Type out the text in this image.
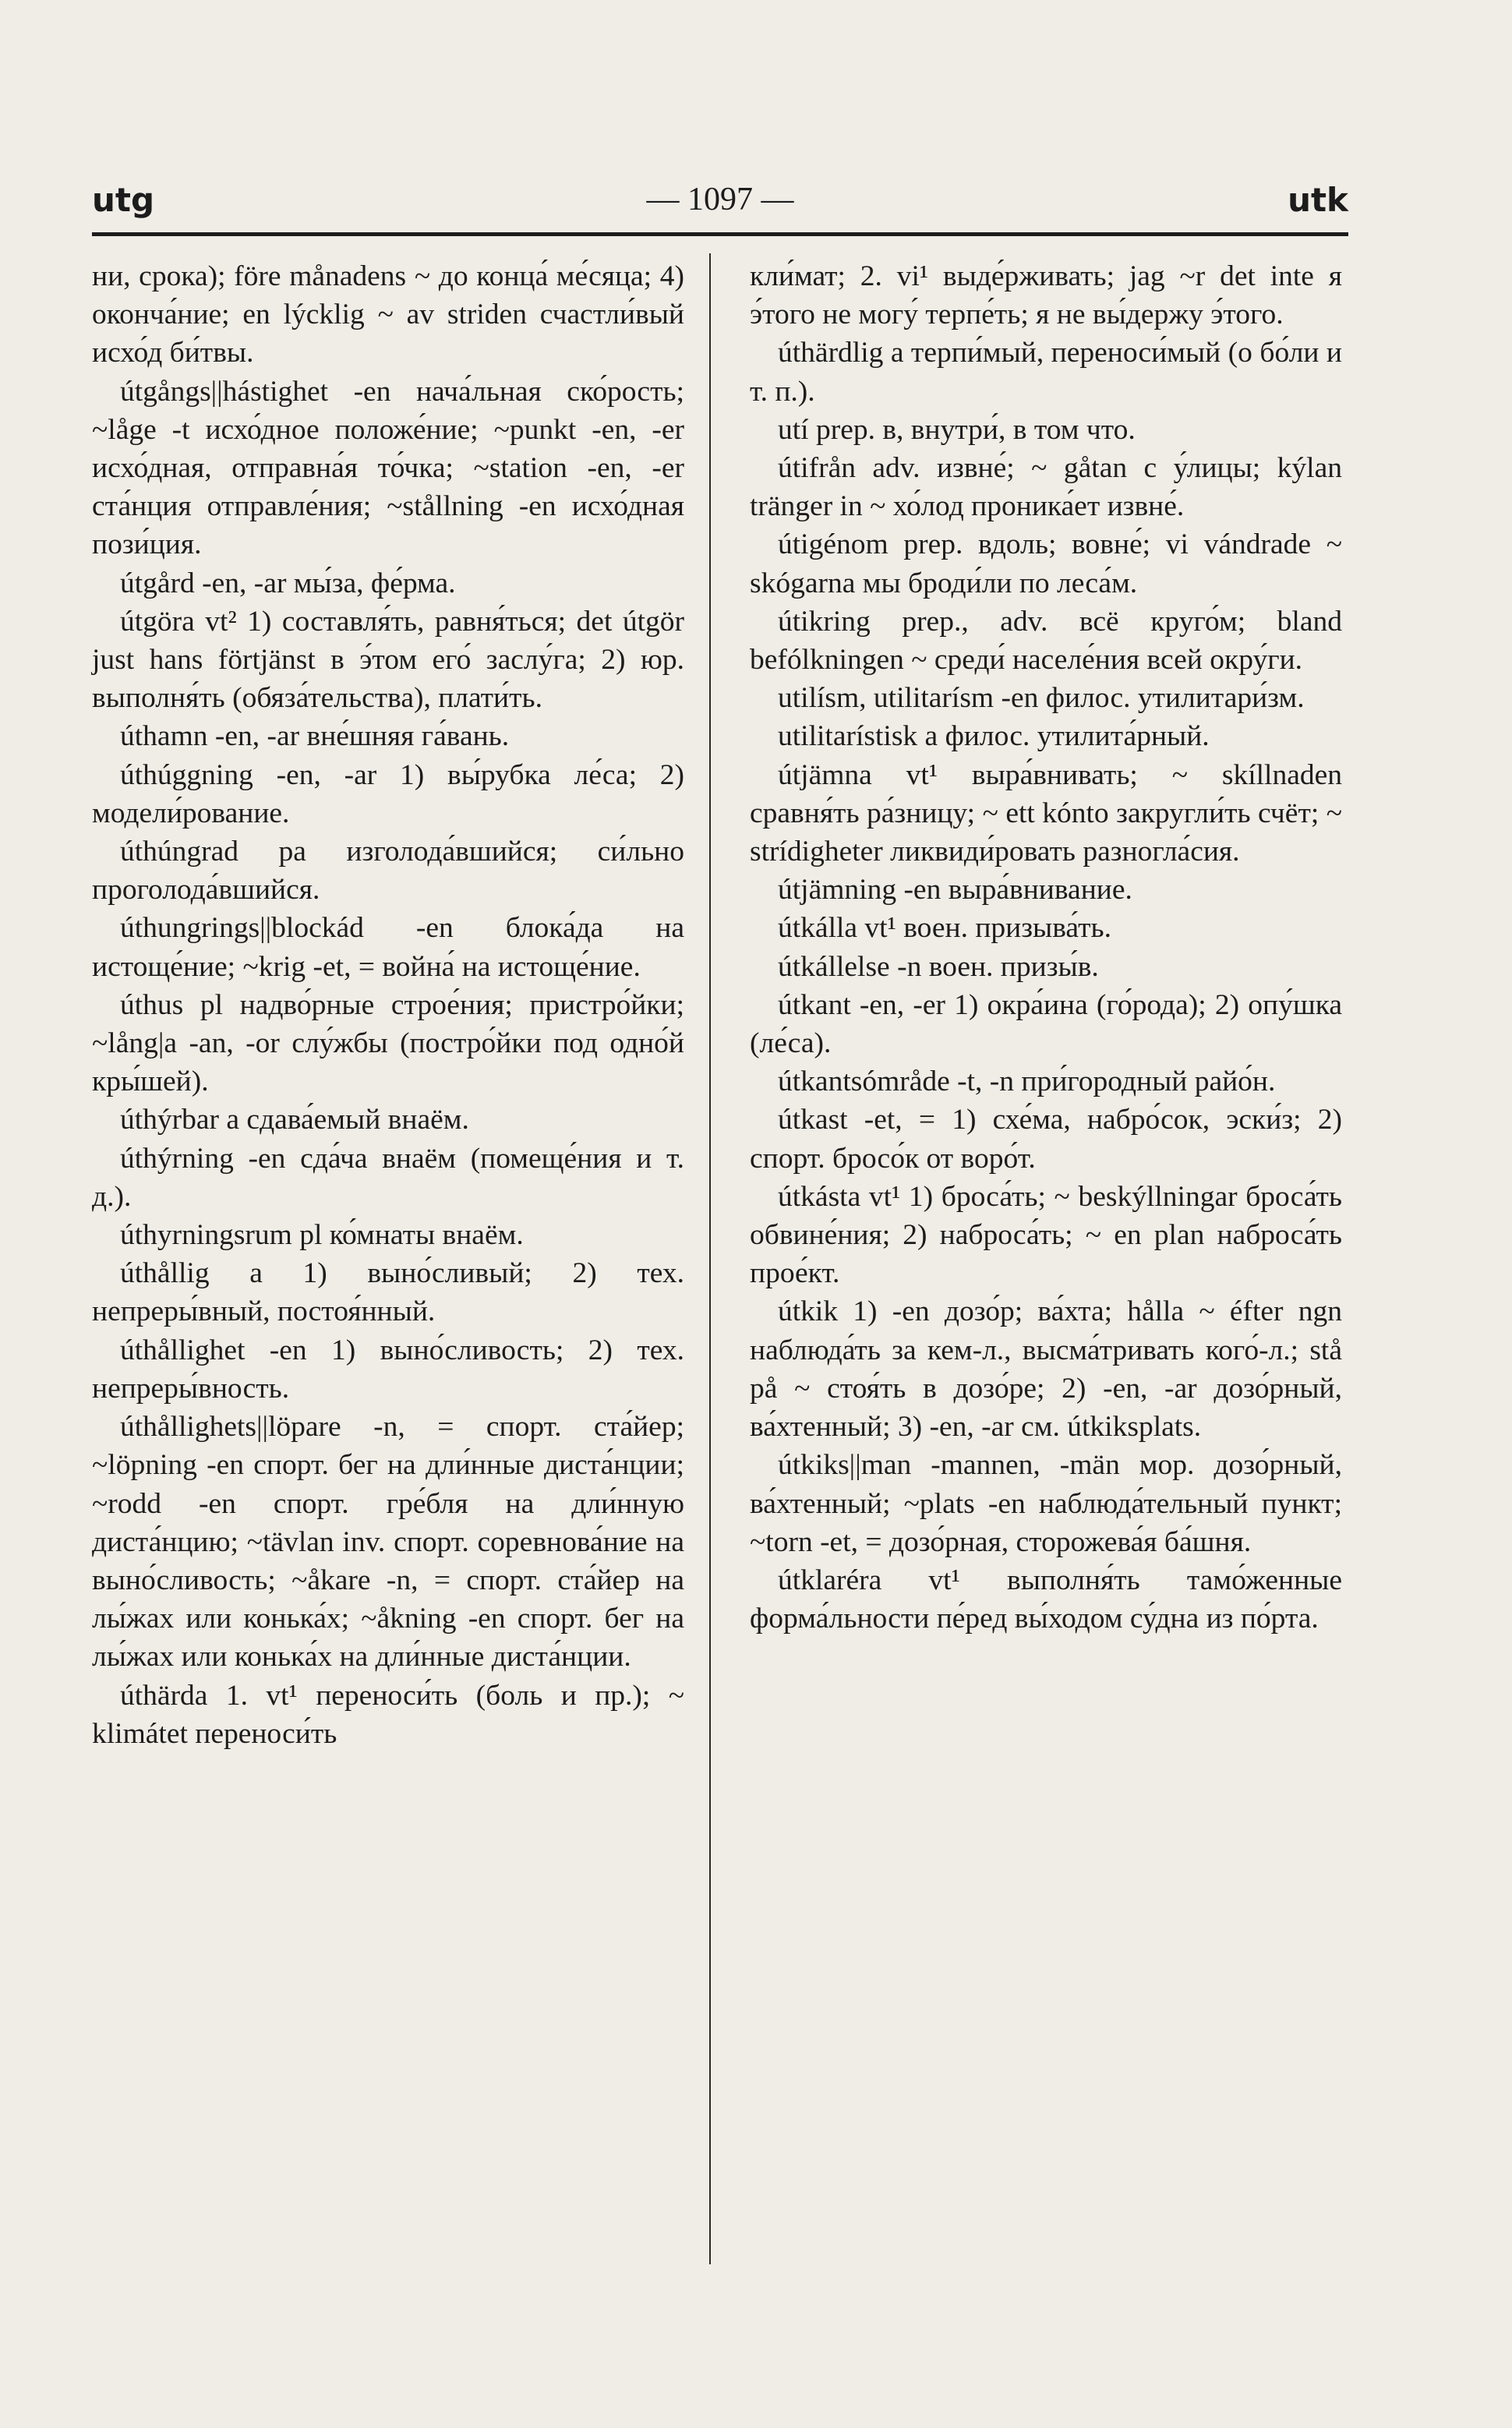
utg	— 1097 —	utk

ни, срока); före månadens ~ до конца́ ме́сяца; 4) оконча́ние; en lýcklig ~ av striden счастли́вый исхо́д би́твы.

útgångs||hástighet -en нача́льная ско́рость; ~låge -t исхо́дное положе́ние; ~punkt -en, -er исхо́дная, отправна́я то́чка; ~station -en, -er ста́нция отправле́ния; ~stållning -en исхо́дная пози́ция.

útgård -en, -ar мы́за, фе́рма.

útgöra vt² 1) составля́ть, равня́ться; det útgör just hans förtjänst в э́том его́ заслу́га; 2) юр. выполня́ть (обяза́тельства), плати́ть.

úthamn -en, -ar вне́шняя га́вань.

úthúggning -en, -ar 1) вы́рубка ле́са; 2) модели́рование.

úthúngrad pa изголода́вшийся; си́льно проголода́вшийся.

úthungrings||blockád -en блока́да на истоще́ние; ~krig -et, = война́ на истоще́ние.

úthus pl надво́рные строе́ния; пристро́йки; ~lång|a -an, -or слу́жбы (постро́йки под одно́й кры́шей).

úthýrbar a сдава́емый внаём.

úthýrning -en сда́ча внаём (помеще́ния и т. д.).

úthyrningsrum pl ко́мнаты внаём.

úthållig a 1) выно́сливый; 2) тех. непреры́вный, постоя́нный.

úthållighet -en 1) выно́сливость; 2) тех. непреры́вность.

úthållighets||löpare -n, = спорт. ста́йер; ~löpning -en спорт. бег на дли́нные диста́нции; ~rodd -en спорт. гре́бля на дли́нную диста́нцию; ~tävlan inv. спорт. соревнова́ние на выно́сливость; ~åkare -n, = спорт. ста́йер на лы́жах или конька́х; ~åkning -en спорт. бег на лы́жах или конька́х на дли́нные диста́нции.

úthärda 1. vt¹ переноси́ть (боль и пр.); ~ klimátet переноси́ть

кли́мат; 2. vi¹ выде́рживать; jag ~r det inte я э́того не могу́ терпе́ть; я не вы́держу э́того.

úthärdlig a терпи́мый, переноси́мый (о бо́ли и т. п.).

utí prep. в, внутри́, в том что.

útifrån adv. извне́; ~ gåtan с у́лицы; kýlan tränger in ~ хо́лод проника́ет извне́.

útigénom prep. вдоль; вовне́; vi vándrade ~ skógarna мы броди́ли по леса́м.

útikring prep., adv. всё круго́м; bland befólkningen ~ среди́ населе́ния всей окру́ги.

utilísm, utilitarísm -en филос. утилитари́зм.

utilitarístisk a филос. утилита́рный.

útjämna vt¹ выра́внивать; ~ skíllnaden сравня́ть ра́зницу; ~ ett kónto закругли́ть счёт; ~ strídigheter ликвиди́ровать разногла́сия.

útjämning -en выра́внивание.

útkálla vt¹ воен. призыва́ть.

útkállelse -n воен. призы́в.

útkant -en, -er 1) окра́ина (го́рода); 2) опу́шка (ле́са).

útkantsómråde -t, -n при́городный райо́н.

útkast -et, = 1) схе́ма, набро́сок, эски́з; 2) спорт. бросо́к от воро́т.

útkásta vt¹ 1) броса́ть; ~ beskýllningar броса́ть обвине́ния; 2) наброса́ть; ~ en plan наброса́ть прое́кт.

útkik 1) -en дозо́р; ва́хта; hålla ~ éfter ngn наблюда́ть за кем-л., высма́тривать кого́-л.; stå på ~ стоя́ть в дозо́ре; 2) -en, -ar дозо́рный, ва́хтенный; 3) -en, -ar см. útkiksplats.

útkiks||man -mannen, -män мор. дозо́рный, ва́хтенный; ~plats -en наблюда́тельный пункт; ~torn -et, = дозо́рная, сторожева́я ба́шня.

útklaréra vt¹ выполня́ть тамо́женные форма́льности пе́ред вы́ходом су́дна из по́рта.
